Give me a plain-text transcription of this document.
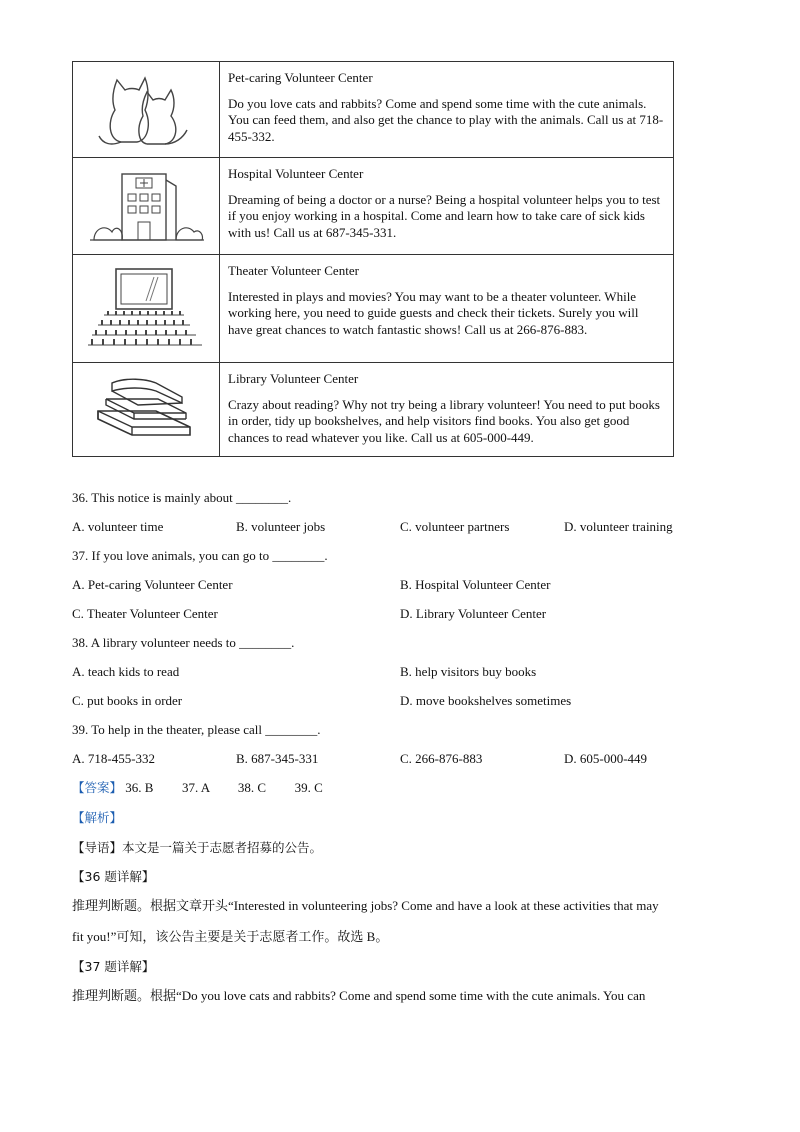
Pet-caring Volunteer Center

Do you love cats and rabbits? Come and spend some time with the cute animals. You can feed them, and also get the chance to play with the animals. Call us at 718-455-332.

Hospital Volunteer Center

Dreaming of being a doctor or a nurse? Being a hospital volunteer helps you to test if you enjoy working in a hospital. Come and learn how to take care of sick kids with us! Call us at 687-345-331.

Theater Volunteer Center

Interested in plays and movies? You may want to be a theater volunteer. While working here, you need to guide guests and check their tickets. Surely you will have great chances to watch fantastic shows! Call us at 266-876-883.

Library Volunteer Center

Crazy about reading? Why not try being a library volunteer! You need to put books in order, tidy up bookshelves, and help visitors find books. You also get good chances to read whatever you like. Call us at 605-000-449.

36. This notice is mainly about ________.
A. volunteer time	B. volunteer jobs	C. volunteer partners	D. volunteer training
37. If you love animals, you can go to ________.
A. Pet-caring Volunteer Center	B. Hospital Volunteer Center
C. Theater Volunteer Center	D. Library Volunteer Center
38. A library volunteer needs to ________.
A. teach kids to read	B. help visitors buy books
C. put books in order	D. move bookshelves sometimes
39. To help in the theater, please call ________.
A. 718-455-332	B. 687-345-331	C. 266-876-883	D. 605-000-449
【答案】 36. B 37. A 38. C 39. C
【解析】
【导语】本文是一篇关于志愿者招募的公告。
【36 题详解】
推理判断题。根据文章开头“Interested in volunteering jobs? Come and have a look at these activities that may
fit you!”可知，该公告主要是关于志愿者工作。故选 B。
【37 题详解】
推理判断题。根据“Do you love cats and rabbits? Come and spend some time with the cute animals. You can
